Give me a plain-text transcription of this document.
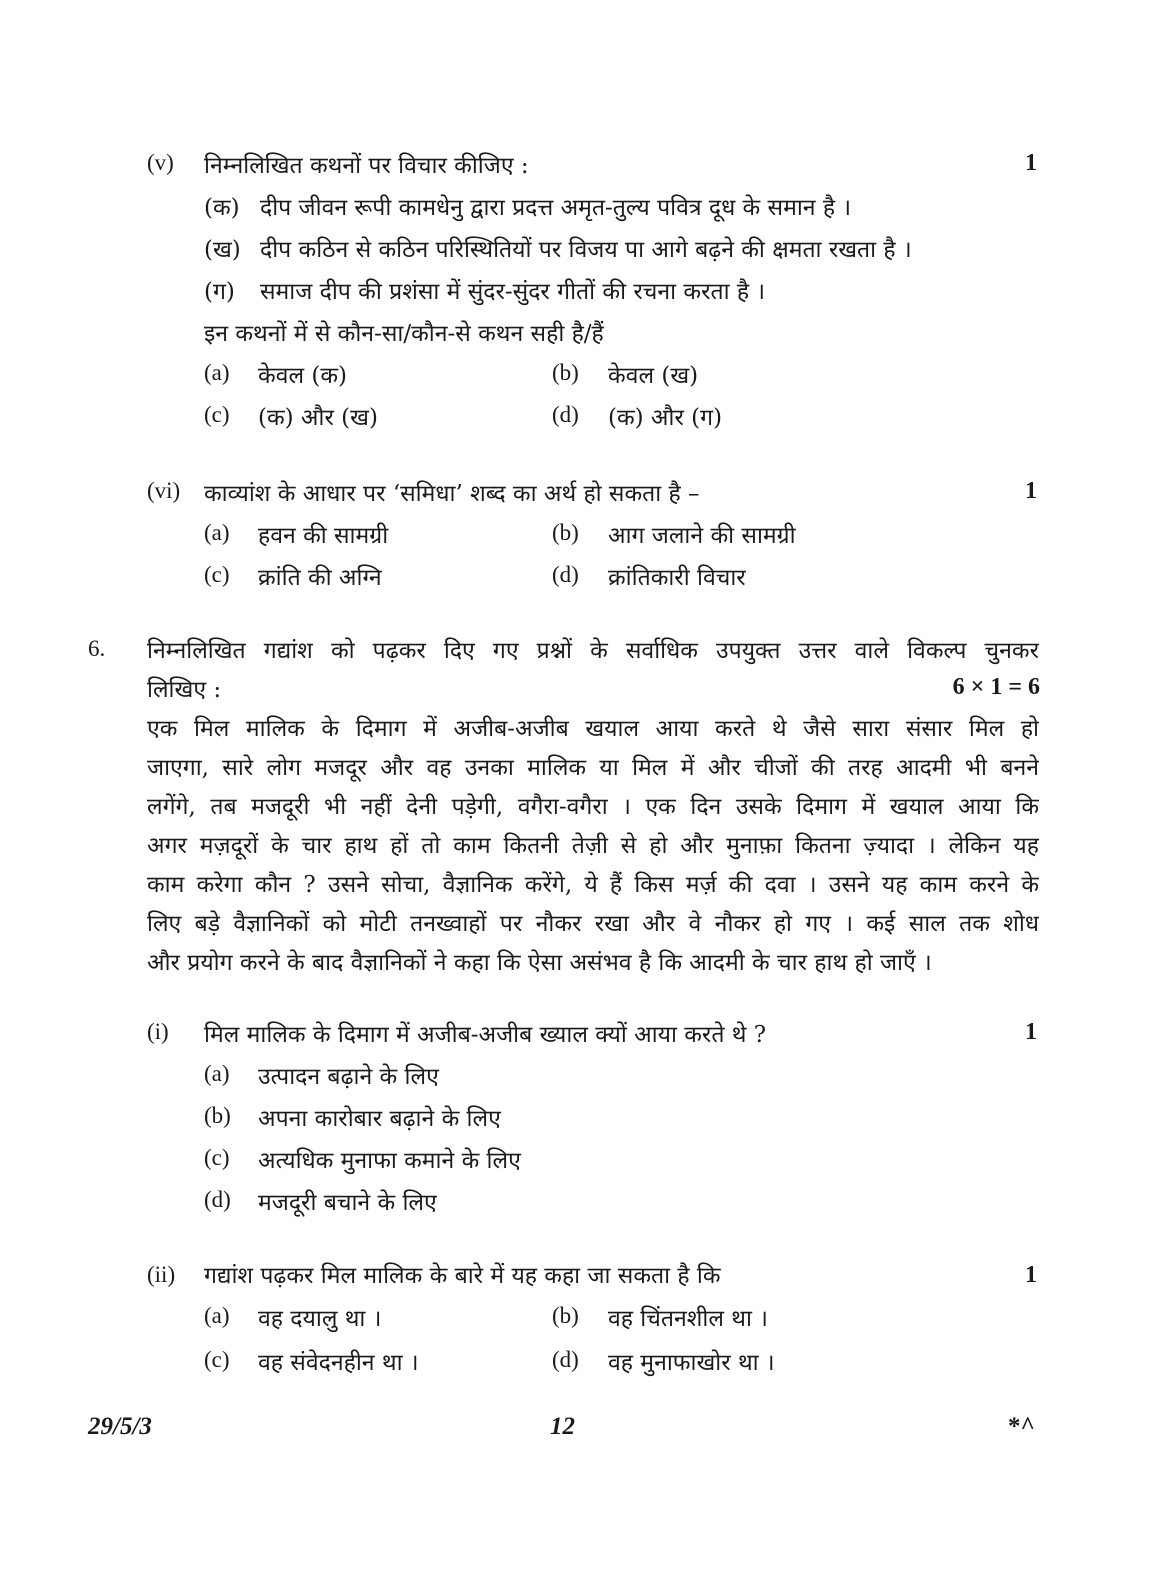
(v) निम्नलिखित कथनों पर विचार कीजिए :	1
(क) दीप जीवन रूपी कामधेनु द्वारा प्रदत्त अमृत-तुल्य पवित्र दूध के समान है ।
(ख) दीप कठिन से कठिन परिस्थितियों पर विजय पा आगे बढ़ने की क्षमता रखता है ।
(ग) समाज दीप की प्रशंसा में सुंदर-सुंदर गीतों की रचना करता है ।
इन कथनों में से कौन-सा/कौन-से कथन सही है/हैं
(a) केवल (क)	(b) केवल (ख)
(c) (क) और (ख)	(d) (क) और (ग)
(vi) काव्यांश के आधार पर ‘समिधा’ शब्द का अर्थ हो सकता है –	1
(a) हवन की सामग्री	(b) आग जलाने की सामग्री
(c) क्रांति की अग्नि	(d) क्रांतिकारी विचार
6. निम्नलिखित गद्यांश को पढ़कर दिए गए प्रश्नों के सर्वाधिक उपयुक्त उत्तर वाले विकल्प चुनकर
लिखिए :	6 × 1 = 6
एक मिल मालिक के दिमाग में अजीब-अजीब खयाल आया करते थे जैसे सारा संसार मिल हो
जाएगा, सारे लोग मजदूर और वह उनका मालिक या मिल में और चीजों की तरह आदमी भी बनने
लगेंगे, तब मजदूरी भी नहीं देनी पड़ेगी, वगैरा-वगैरा । एक दिन उसके दिमाग में खयाल आया कि
अगर मज़दूरों के चार हाथ हों तो काम कितनी तेज़ी से हो और मुनाफ़ा कितना ज़्यादा । लेकिन यह
काम करेगा कौन ? उसने सोचा, वैज्ञानिक करेंगे, ये हैं किस मर्ज़ की दवा । उसने यह काम करने के
लिए बड़े वैज्ञानिकों को मोटी तनख्वाहों पर नौकर रखा और वे नौकर हो गए । कई साल तक शोध
और प्रयोग करने के बाद वैज्ञानिकों ने कहा कि ऐसा असंभव है कि आदमी के चार हाथ हो जाएँ ।
(i) मिल मालिक के दिमाग में अजीब-अजीब ख्याल क्यों आया करते थे ?	1
(a) उत्पादन बढ़ाने के लिए
(b) अपना कारोबार बढ़ाने के लिए
(c) अत्यधिक मुनाफा कमाने के लिए
(d) मजदूरी बचाने के लिए
(ii) गद्यांश पढ़कर मिल मालिक के बारे में यह कहा जा सकता है कि	1
(a) वह दयालु था ।	(b) वह चिंतनशील था ।
(c) वह संवेदनहीन था ।	(d) वह मुनाफाखोर था ।
29/5/3	12	*^
